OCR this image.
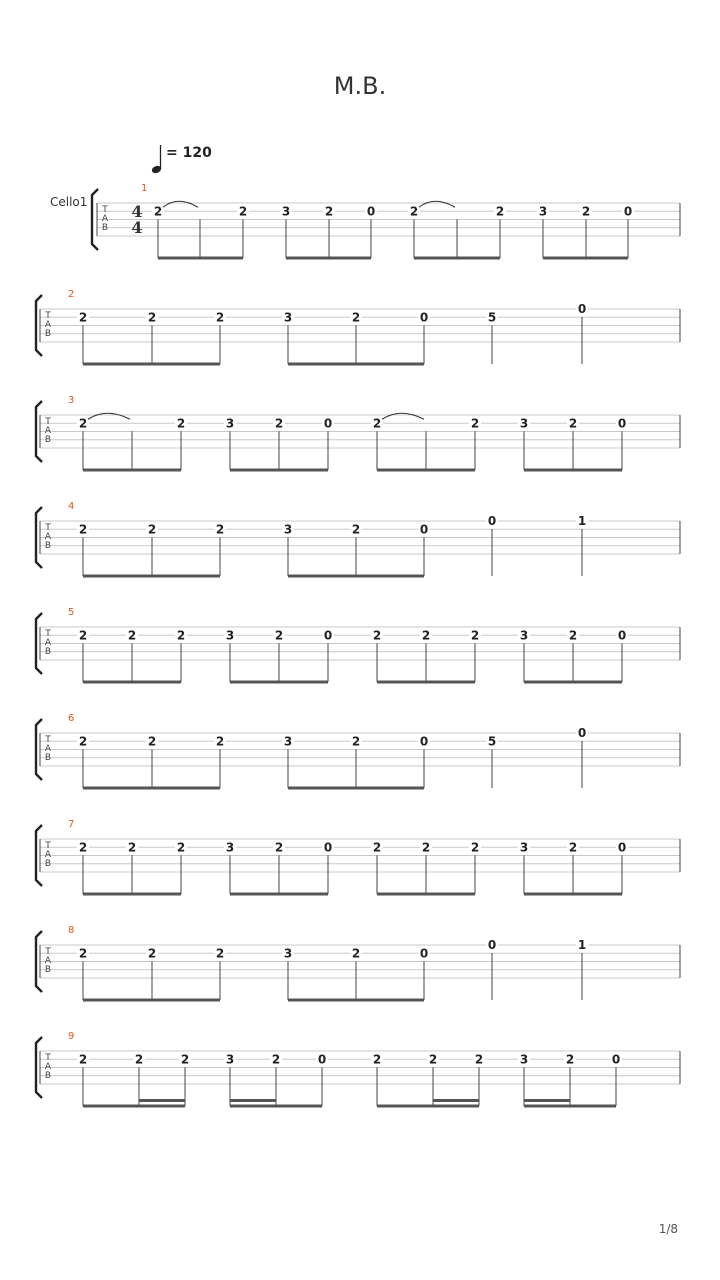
M.B.
= 120
Cello1
1/8
T
A
B
4
4
1
2	2	3	2	0	2	2	3	2	0
T
A
B
2
2	2	2	3	2	0	5
0
T
A
B
3
2	2	3	2	0	2	2	3	2	0
T
A
B
4
2	2	2	3	2	0
0	1
T
A
B
5
2	2	2	3	2	0	2	2	2	3	2	0
T
A
B
6
2	2	2	3	2	0	5
0
T
A
B
7
2	2	2	3	2	0	2	2	2	3	2	0
T
A
B
8
2	2	2	3	2	0
0	1
T
A
B
9
2	2	2	3	2	0	2	2	2	3	2	0
